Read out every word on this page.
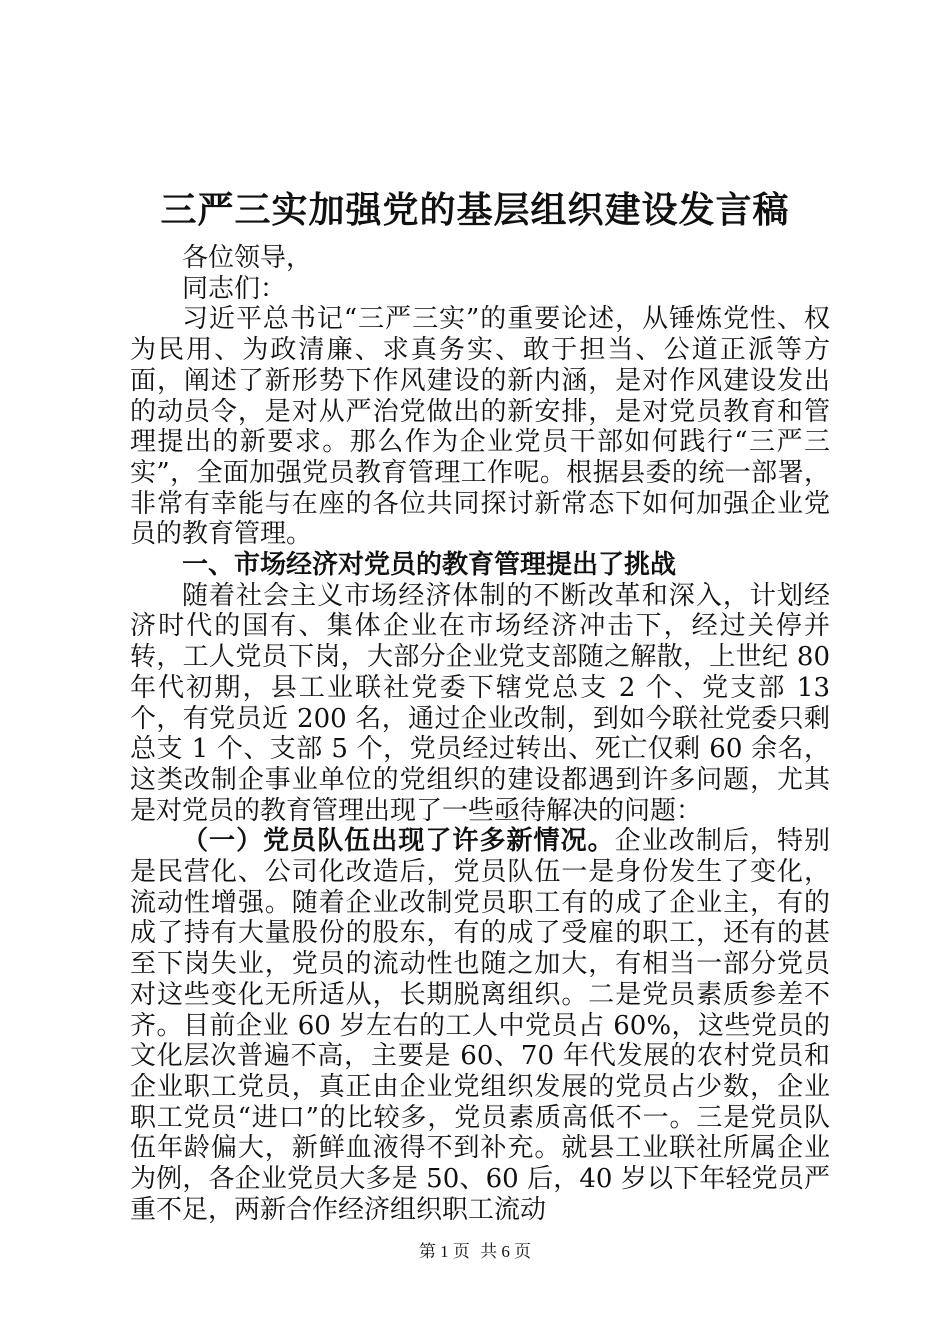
三严三实加强党的基层组织建设发言稿

各位领导，

同志们：

习近平总书记“三严三实”的重要论述，从锤炼党性、权为民用、为政清廉、求真务实、敢于担当、公道正派等方面，阐述了新形势下作风建设的新内涵，是对作风建设发出的动员令，是对从严治党做出的新安排，是对党员教育和管理提出的新要求。那么作为企业党员干部如何践行“三严三实”，全面加强党员教育管理工作呢。根据县委的统一部署，非常有幸能与在座的各位共同探讨新常态下如何加强企业党员的教育管理。

一、市场经济对党员的教育管理提出了挑战

随着社会主义市场经济体制的不断改革和深入，计划经济时代的国有、集体企业在市场经济冲击下，经过关停并转，工人党员下岗，大部分企业党支部随之解散，上世纪 80 年代初期，县工业联社党委下辖党总支 2 个、党支部 13 个，有党员近 200 名，通过企业改制，到如今联社党委只剩总支 1 个、支部 5 个，党员经过转出、死亡仅剩 60 余名，这类改制企事业单位的党组织的建设都遇到许多问题，尤其是对党员的教育管理出现了一些亟待解决的问题：

（一）党员队伍出现了许多新情况。企业改制后，特别是民营化、公司化改造后，党员队伍一是身份发生了变化，流动性增强。随着企业改制党员职工有的成了企业主，有的成了持有大量股份的股东，有的成了受雇的职工，还有的甚至下岗失业，党员的流动性也随之加大，有相当一部分党员对这些变化无所适从，长期脱离组织。二是党员素质参差不齐。目前企业 60 岁左右的工人中党员占 60%，这些党员的文化层次普遍不高，主要是 60、70 年代发展的农村党员和企业职工党员，真正由企业党组织发展的党员占少数，企业职工党员“进口”的比较多，党员素质高低不一。三是党员队伍年龄偏大，新鲜血液得不到补充。就县工业联社所属企业为例，各企业党员大多是 50、60 后，40 岁以下年轻党员严重不足，两新合作经济组织职工流动

第 1 页 共 6 页
